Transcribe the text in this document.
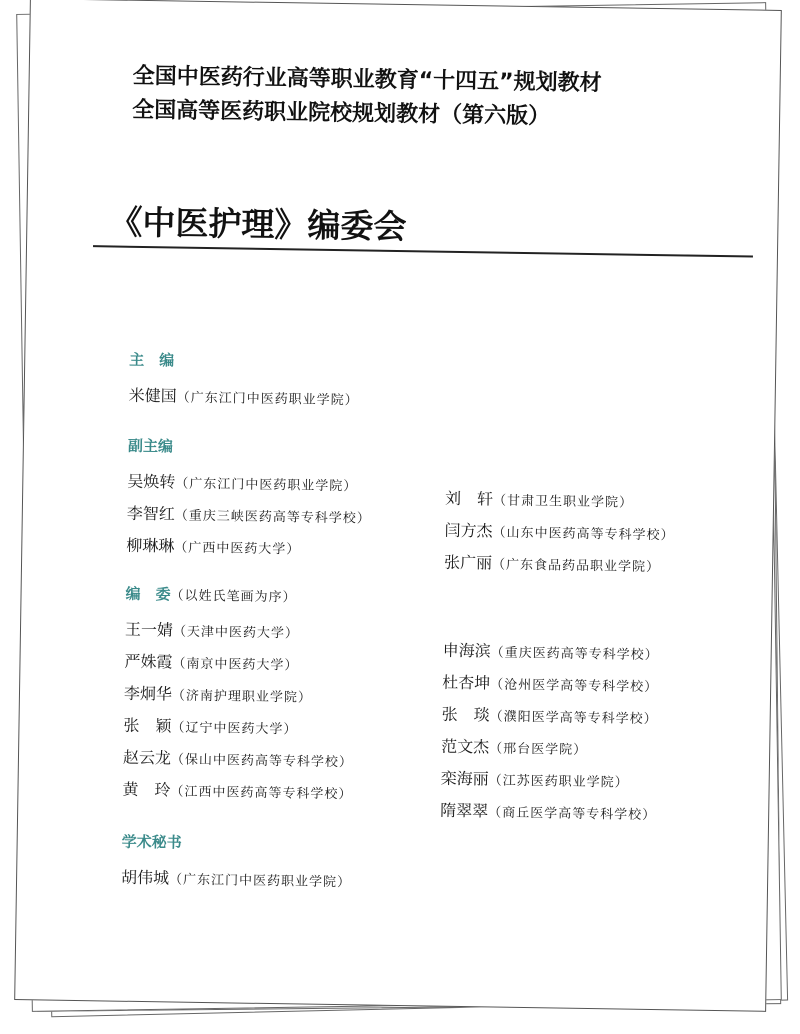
全国中医药行业高等职业教育“十四五”规划教材
全国高等医药职业院校规划教材（第六版）
《中医护理》编委会
主　编
米健国（广东江门中医药职业学院）
副主编
吴焕转（广东江门中医药职业学院）
李智红（重庆三峡医药高等专科学校）
柳琳琳（广西中医药大学）
刘　轩（甘肃卫生职业学院）
闫方杰（山东中医药高等专科学校）
张广丽（广东食品药品职业学院）
编　委（以姓氏笔画为序）
王一婧（天津中医药大学）
严姝霞（南京中医药大学）
李炯华（济南护理职业学院）
张　颖（辽宁中医药大学）
赵云龙（保山中医药高等专科学校）
黄　玲（江西中医药高等专科学校）
申海滨（重庆医药高等专科学校）
杜杏坤（沧州医学高等专科学校）
张　琰（濮阳医学高等专科学校）
范文杰（邢台医学院）
栾海丽（江苏医药职业学院）
隋翠翠（商丘医学高等专科学校）
学术秘书
胡伟城（广东江门中医药职业学院）
